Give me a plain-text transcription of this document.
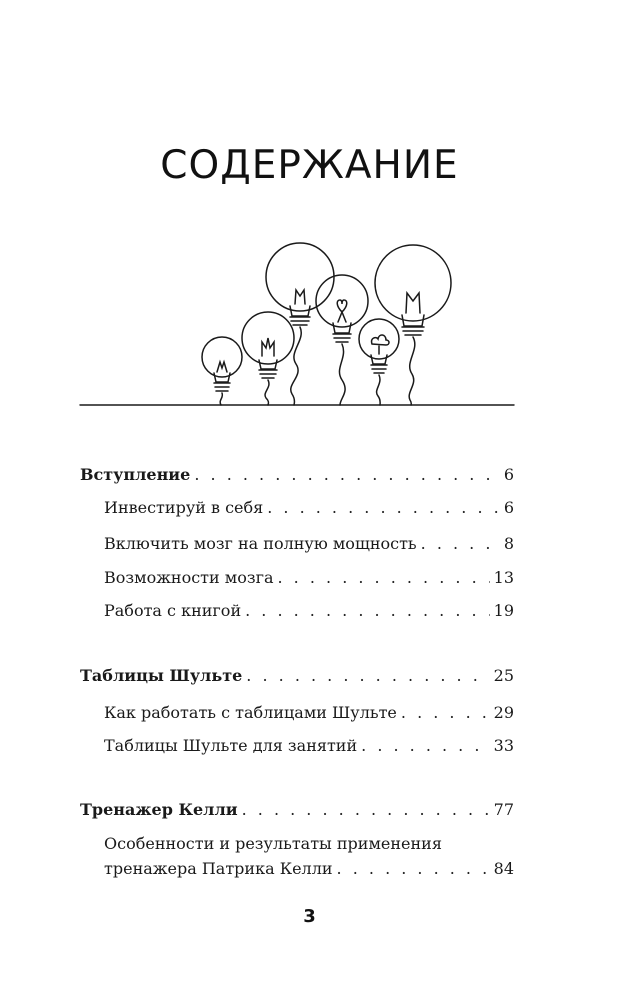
СОДЕРЖАНИЕ
Вступление . . .	6
Инвестируй в себя . . .	6
Включить мозг на полную мощность . . .	8
Возможности мозга . . .	13
Работа с книгой . . .	19
Таблицы Шульте . . .	25
Как работать с таблицами Шульте . . .	29
Таблицы Шульте для занятий . . .	33
Тренажер Келли . . .	77
Особенности и результаты применения
тренажера Патрика Келли . . .	84
3
